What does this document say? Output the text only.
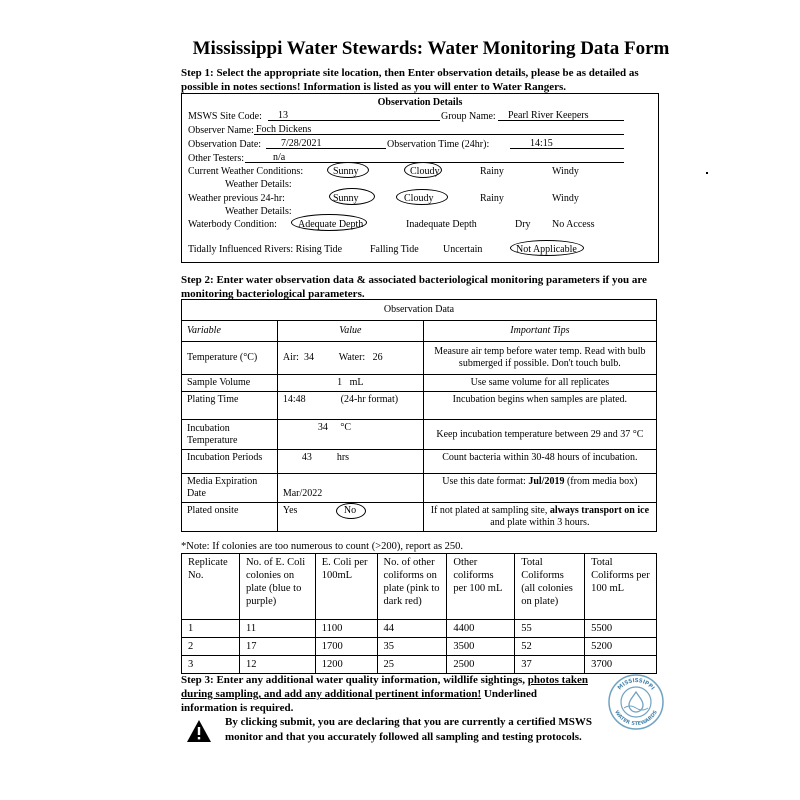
Mississippi Water Stewards: Water Monitoring Data Form
Step 1: Select the appropriate site location, then Enter observation details, please be as detailed as
possible in notes sections! Information is listed as you will enter to Water Rangers.
Observation Details
MSWS Site Code:	13	Group Name:	Pearl River Keepers
Observer Name: Foch Dickens
Observation Date:	7/28/2021	Observation Time (24hr):	14:15
Other Testers:	n/a
Current Weather Conditions:	Sunny	Cloudy	Rainy	Windy
Weather Details:
Weather previous 24-hr:	Sunny	Cloudy	Rainy	Windy
Weather Details:
Waterbody Condition: Adequate Depth	Inadequate Depth	Dry No Access
Tidally Influenced Rivers: Rising Tide	Falling Tide Uncertain	Not Applicable
Step 2: Enter water observation data & associated bacteriological monitoring parameters if you are
monitoring bacteriological parameters.
Observation Data		
Variable	Value	Important Tips
Temperature (°C)	Air:  34          Water:   26	Measure air temp before water temp. Read with bulb submerged if possible. Don't touch bulb.
Sample Volume	1   mL	Use same volume for all replicates
Plating Time	14:48              (24-hr format)	Incubation begins when samples are plated.
Incubation Temperature	34     °C	Keep incubation temperature between 29 and 37 °C
Incubation Periods	43          hrs	Count bacteria within 30-48 hours of incubation.
Media Expiration Date	Mar/2022	Use this date format: Jul/2019 (from media box)
Plated onsite	Yes No	If not plated at sampling site, always transport on ice and plate within 3 hours.
*Note: If colonies are too numerous to count (>200), report as 250.
Replicate No.	No. of E. Coli colonies on plate (blue to purple)	E. Coli per 100mL	No. of other coliforms on plate (pink to dark red)	Other coliforms per 100 mL	Total Coliforms (all colonies on plate)	Total Coliforms per 100 mL
1	11	1100	44	4400	55	5500
2	17	1700	35	3500	52	5200
3	12	1200	25	2500	37	3700
Step 3: Enter any additional water quality information, wildlife sightings, photos taken
during sampling, and add any additional pertinent information! Underlined
information is required.
By clicking submit, you are declaring that you are currently a certified MSWS
monitor and that you accurately followed all sampling and testing protocols.
MISSISSIPPI
WATER STEWARDS
